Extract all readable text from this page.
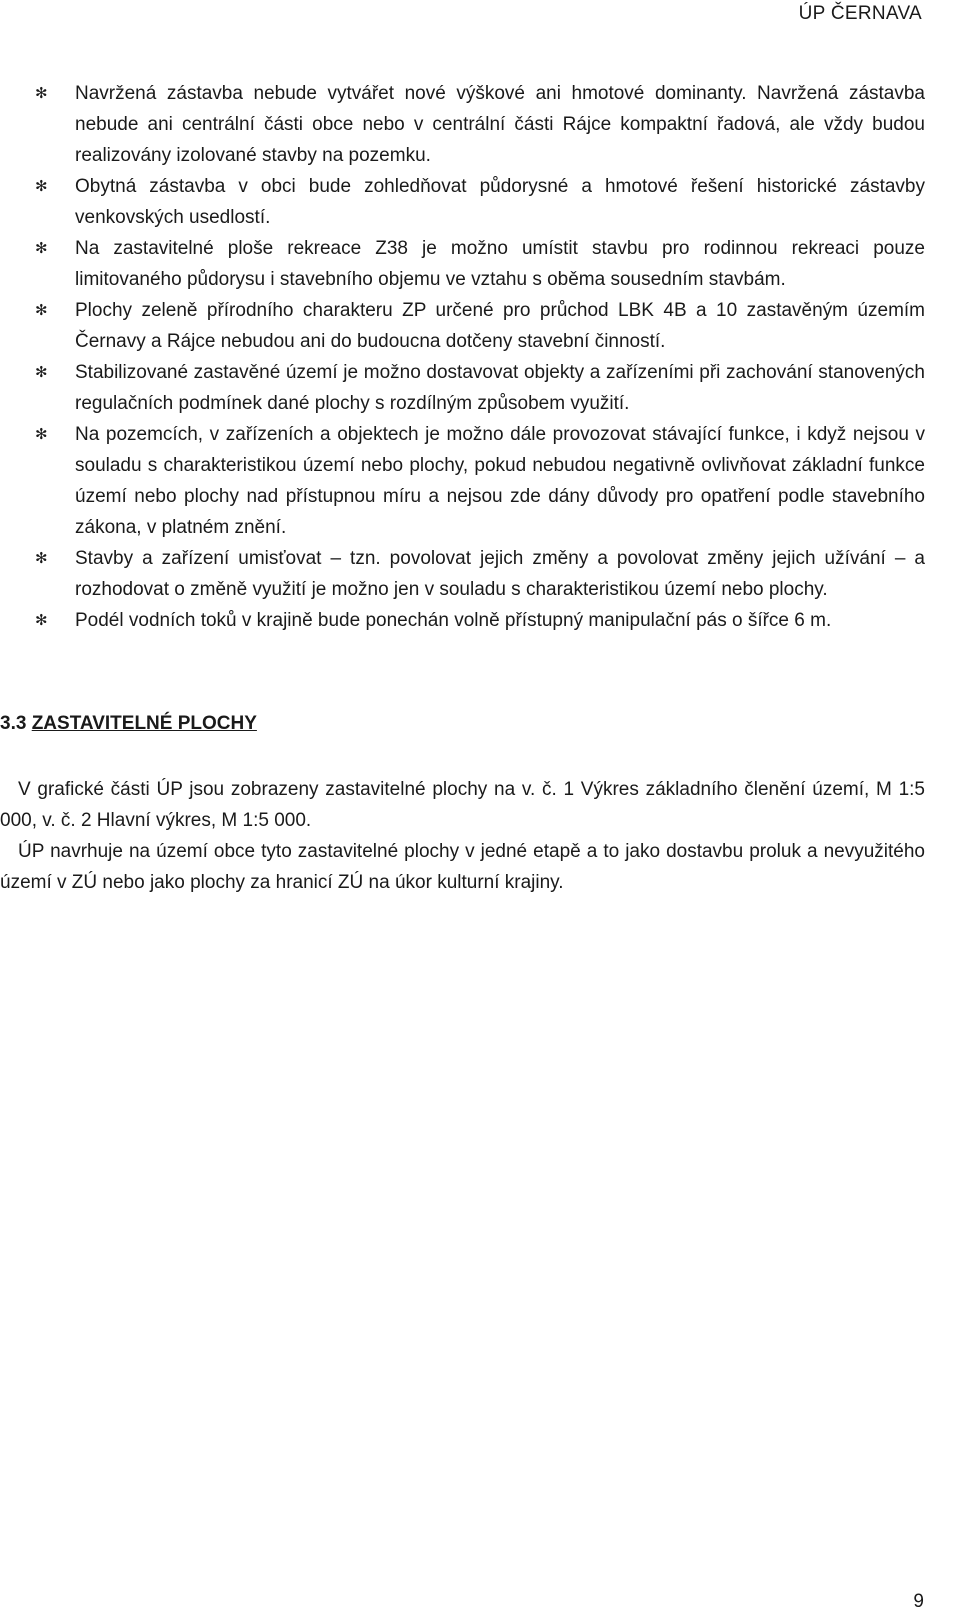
ÚP ČERNAVA
✻ Navržená zástavba nebude vytvářet nové výškové ani hmotové dominanty. Navržená zástavba nebude ani centrální části obce nebo v centrální části Rájce kompaktní řadová, ale vždy budou realizovány izolované stavby na pozemku.
✻ Obytná zástavba v obci bude zohledňovat půdorysné a hmotové řešení historické zástavby venkovských usedlostí.
✻ Na zastavitelné ploše rekreace Z38 je možno umístit stavbu pro rodinnou rekreaci pouze limitovaného půdorysu i stavebního objemu ve vztahu s oběma sousedním stavbám.
✻ Plochy zeleně přírodního charakteru ZP určené pro průchod LBK 4B a 10 zastavěným územím Černavy a Rájce nebudou ani do budoucna dotčeny stavební činností.
✻ Stabilizované zastavěné území je možno dostavovat objekty a zařízeními při zachování stanovených regulačních podmínek dané plochy s rozdílným způsobem využití.
✻ Na pozemcích, v zařízeních a objektech je možno dále provozovat stávající funkce, i když nejsou v souladu s charakteristikou území nebo plochy, pokud nebudou negativně ovlivňovat základní funkce území nebo plochy nad přístupnou míru a nejsou zde dány důvody pro opatření podle stavebního zákona, v platném znění.
✻ Stavby a zařízení umisťovat – tzn. povolovat jejich změny a povolovat změny jejich užívání – a rozhodovat o změně využití je možno jen v souladu s charakteristikou území nebo plochy.
✻ Podél vodních toků v krajině bude ponechán volně přístupný manipulační pás o šířce 6 m.
3.3 ZASTAVITELNÉ PLOCHY

V grafické části ÚP jsou zobrazeny zastavitelné plochy na v. č. 1 Výkres základního členění území, M 1:5 000, v. č. 2 Hlavní výkres, M 1:5 000.

ÚP navrhuje na území obce tyto zastavitelné plochy v jedné etapě a to jako dostavbu proluk a nevyužitého území v ZÚ nebo jako plochy za hranicí ZÚ na úkor kulturní krajiny.

9
